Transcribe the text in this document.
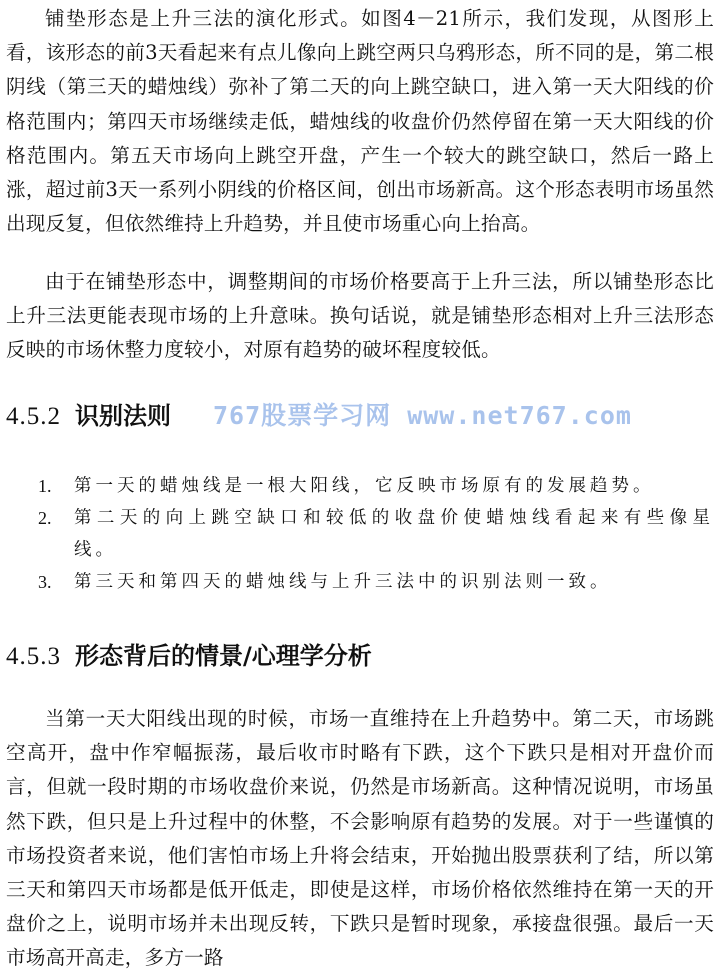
铺垫形态是上升三法的演化形式。如图4－21所示，我们发现，从图形上看，该形态的前3天看起来有点儿像向上跳空两只乌鸦形态，所不同的是，第二根阴线（第三天的蜡烛线）弥补了第二天的向上跳空缺口，进入第一天大阳线的价格范围内；第四天市场继续走低，蜡烛线的收盘价仍然停留在第一天大阳线的价格范围内。第五天市场向上跳空开盘，产生一个较大的跳空缺口，然后一路上涨，超过前3天一系列小阴线的价格区间，创出市场新高。这个形态表明市场虽然出现反复，但依然维持上升趋势，并且使市场重心向上抬高。

由于在铺垫形态中，调整期间的市场价格要高于上升三法，所以铺垫形态比上升三法更能表现市场的上升意味。换句话说，就是铺垫形态相对上升三法形态反映的市场休整力度较小，对原有趋势的破坏程度较低。

4.5.2 识别法则	767股票学习网 www.net767.com
1. 第一天的蜡烛线是一根大阳线，它反映市场原有的发展趋势。
2. 第二天的向上跳空缺口和较低的收盘价使蜡烛线看起来有些像星线。
3. 第三天和第四天的蜡烛线与上升三法中的识别法则一致。
4.5.3 形态背后的情景/心理学分析

当第一天大阳线出现的时候，市场一直维持在上升趋势中。第二天，市场跳空高开，盘中作窄幅振荡，最后收市时略有下跌，这个下跌只是相对开盘价而言，但就一段时期的市场收盘价来说，仍然是市场新高。这种情况说明，市场虽然下跌，但只是上升过程中的休整，不会影响原有趋势的发展。对于一些谨慎的市场投资者来说，他们害怕市场上升将会结束，开始抛出股票获利了结，所以第三天和第四天市场都是低开低走，即使是这样，市场价格依然维持在第一天的开盘价之上，说明市场并未出现反转，下跌只是暂时现象，承接盘很强。最后一天市场高开高走，多方一路
